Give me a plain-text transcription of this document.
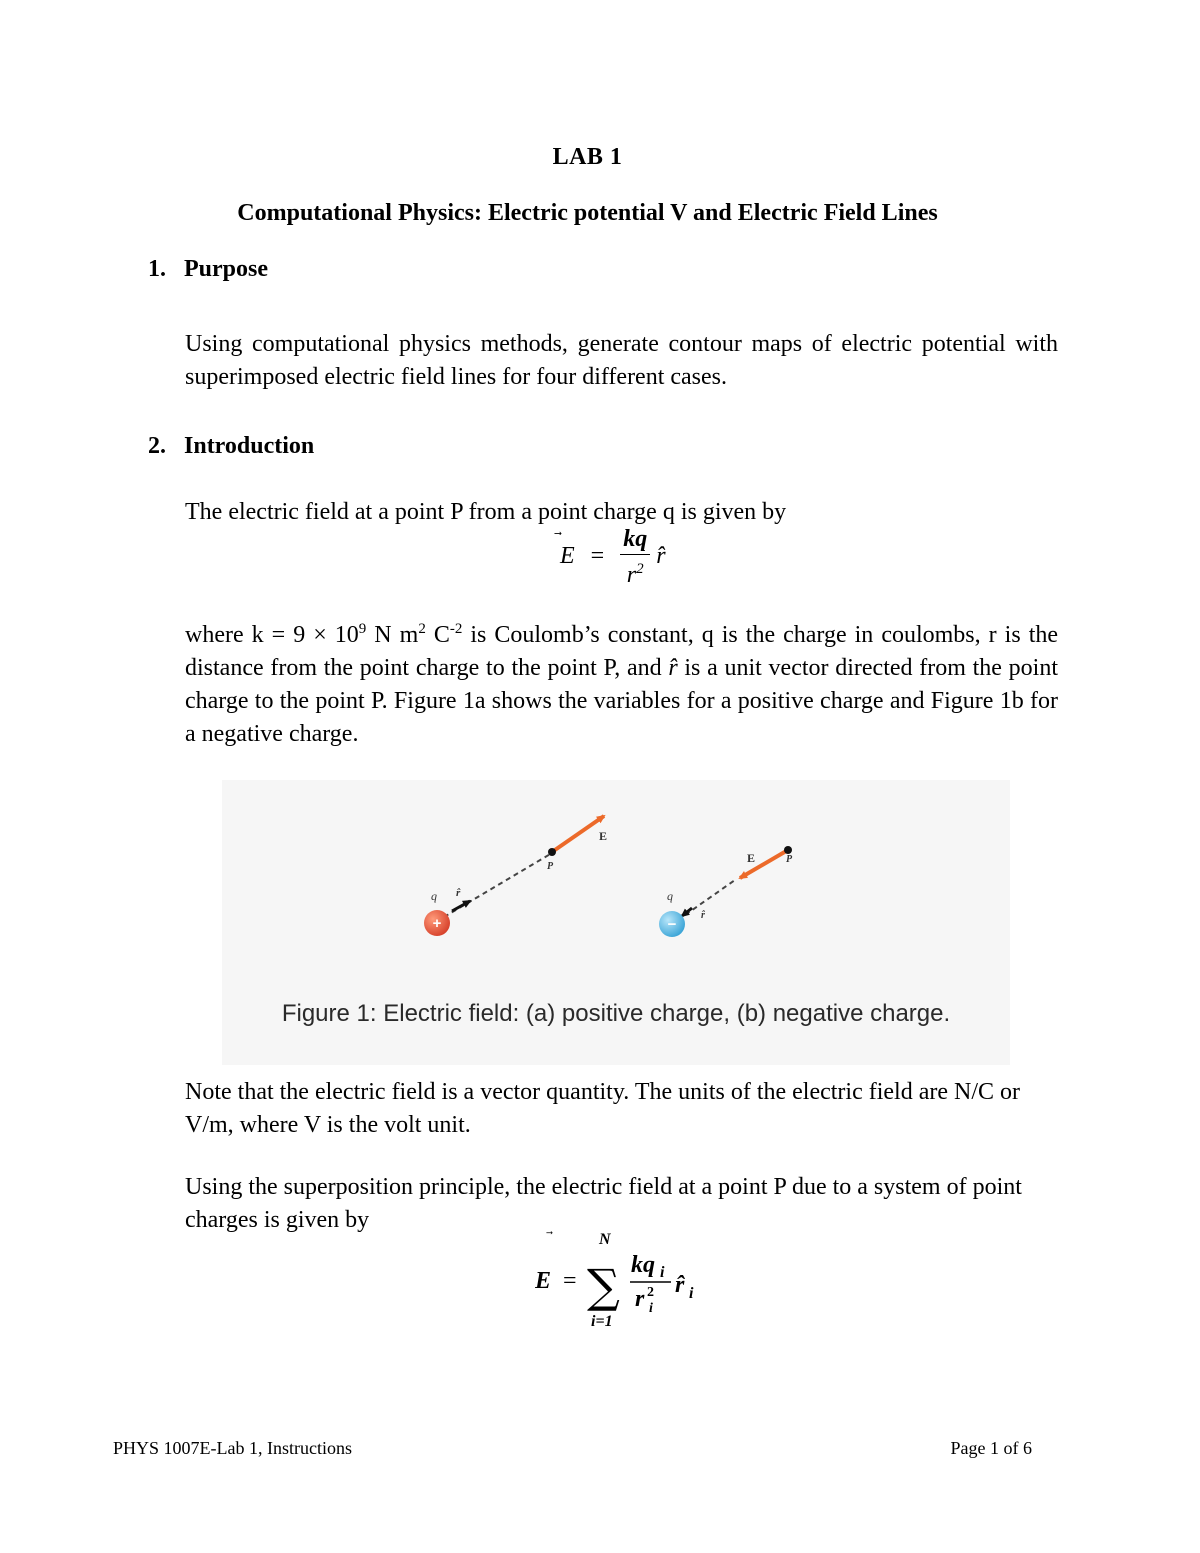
LAB 1
Computational Physics: Electric potential V and Electric Field Lines
1. Purpose
Using computational physics methods, generate contour maps of electric potential with superimposed electric field lines for four different cases.
2. Introduction
The electric field at a point P from a point charge q is given by
$E = \frac{kq}{r^2}$ r̂
where $k = 9 \times 10^9$ N $m^2$ $C^{-2}$ is Coulomb’s constant, q is the charge in coulombs, r is the distance from the point charge to the point P, and r̂ is a unit vector directed from the point charge to the point P. Figure 1a shows the variables for a positive charge and Figure 1b for a negative charge.
+
q r̂
P
E
−
q
r̂
P
E
Figure 1: Electric field: (a) positive charge, (b) negative charge.
Note that the electric field is a vector quantity. The units of the electric field are N/C or V/m, where V is the volt unit.
Using the superposition principle, the electric field at a point P due to a system of point charges is given by
E =
N
∑
i=1
kq i
r 2
i
r̂ i
PHYS 1007E-Lab 1, Instructions	Page 1 of 6
